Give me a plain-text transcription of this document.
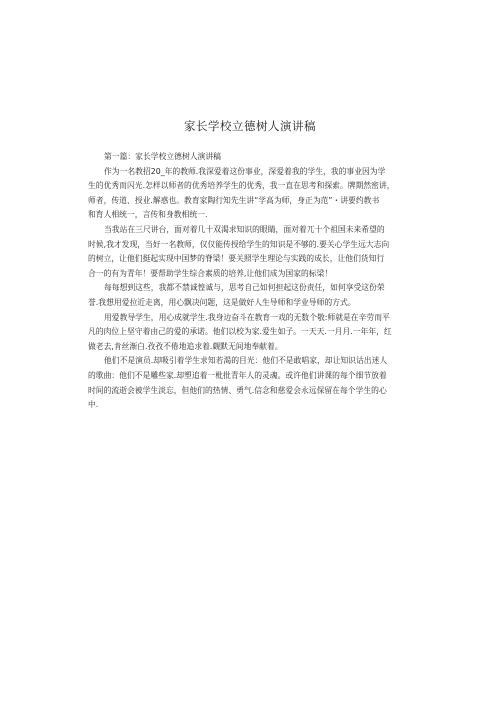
家长学校立德树人演讲稿
第一篇：家长学校立德树人演讲稿
作为一名教招20_年的教师.我深爱着这份事业，深爱着我的学生，我的事业因为学
生的优秀而闪光.怎样以师者的优秀培养学生的优秀，我一直在思考和探索。牌期然密讲，
师者，传道、授业.解惑也。教育家陶行知先生讲“学高为师，身正为范”・讲要约教书
和育人相统一，言传和身教相统一.
当我站在三尺讲台，面对着几十双渴求知识的眼睛，面对着兀十个祖国未来希望的
时候,我才发现，当好一名教师，仅仅能传授给学生的知识是不够的.要关心学生远大志向
的树立，让他们挺起实现中国梦的脊梁！要关照学生理论与实践的成长，让他们货知行
合一的有为青年！要帮助学生综合素质的培养,让他们成为国家的标梁！
每每想到这些，我都不禁诚惶诚与，思考自己如何担起这份责任，如何享受这份荣
誉.我想用爱拉近走离，用心飘决问题，这是做好人生导师和学业导师的方式。
用爱教导学生，用心成就学生.我身边奋斗在教育一戏的无数个敬:师就是在辛劳而平
凡的肉位上坚守着由己的爱的承诺。他们以校为家.爱生如子。一天天.一月月.一年年，红
做老去,肯丝渐白.孜孜不倦地追求着.觑默无间地奉献着。
他们不是演员.却吸引着学生求知若渴的目光：他们不是敢唱家，却让知识诂出迷人
的歌曲：他们不是雕些家.却塑追着一枇批青年人的灵魂。或许他们讲课的每个细节放着
时间的流逝会被学生淡忘，但他们的热情、勇气.信念和慈爱会永远保留在每个学生的心
中.
